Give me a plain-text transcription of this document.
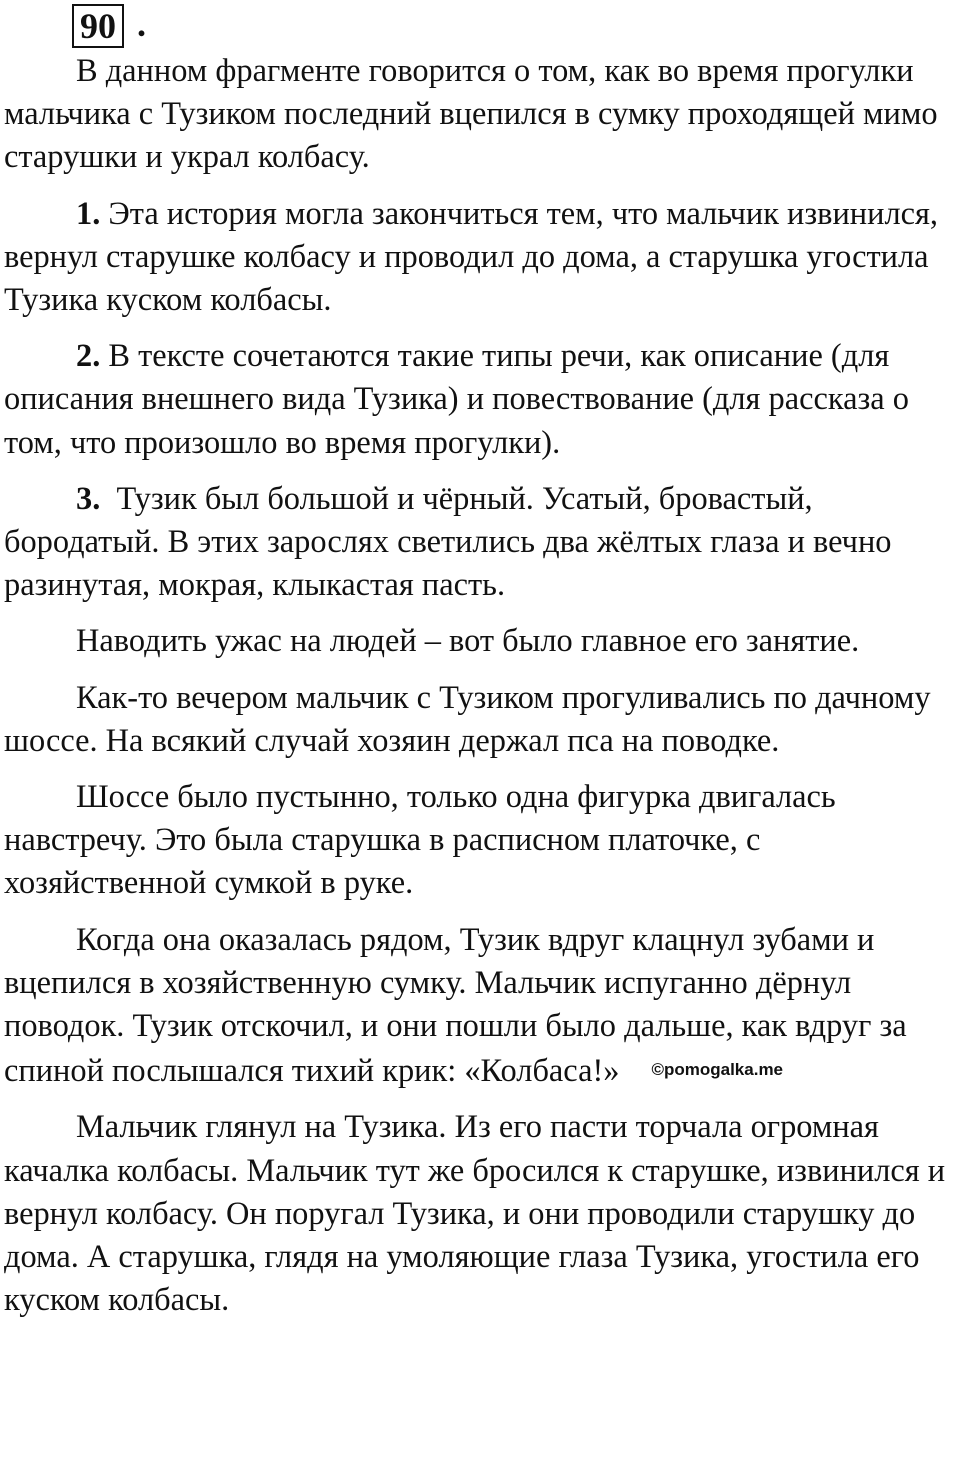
90 .

В данном фрагменте говорится о том, как во время прогулки мальчика с Тузиком последний вцепился в сумку проходящей мимо старушки и украл колбасу.

1. Эта история могла закончиться тем, что мальчик извинился, вернул старушке колбасу и проводил до дома, а старушка угостила Тузика куском колбасы.

2. В тексте сочетаются такие типы речи, как описание (для описания внешнего вида Тузика) и повествование (для рассказа о том, что произошло во время прогулки).

3.  Тузик был большой и чёрный. Усатый, бровастый, бородатый. В этих зарослях светились два жёлтых глаза и вечно разинутая, мокрая, клыкастая пасть.

Наводить ужас на людей – вот было главное его занятие.

Как-то вечером мальчик с Тузиком прогуливались по дачному шоссе. На всякий случай хозяин держал пса на поводке.

Шоссе было пустынно, только одна фигурка двигалась навстречу. Это была старушка в расписном платочке, с хозяйственной сумкой в руке.

Когда она оказалась рядом, Тузик вдруг клацнул зубами и вцепился в хозяйственную сумку. Мальчик испуганно дёрнул поводок. Тузик отскочил, и они пошли было дальше, как вдруг за спиной послышался тихий крик: «Колбаса!» ©pomogalka.me

Мальчик глянул на Тузика. Из его пасти торчала огромная качалка колбасы. Мальчик тут же бросился к старушке, извинился и вернул колбасу. Он поругал Тузика, и они проводили старушку до дома. А старушка, глядя на умоляющие глаза Тузика, угостила его куском колбасы.
